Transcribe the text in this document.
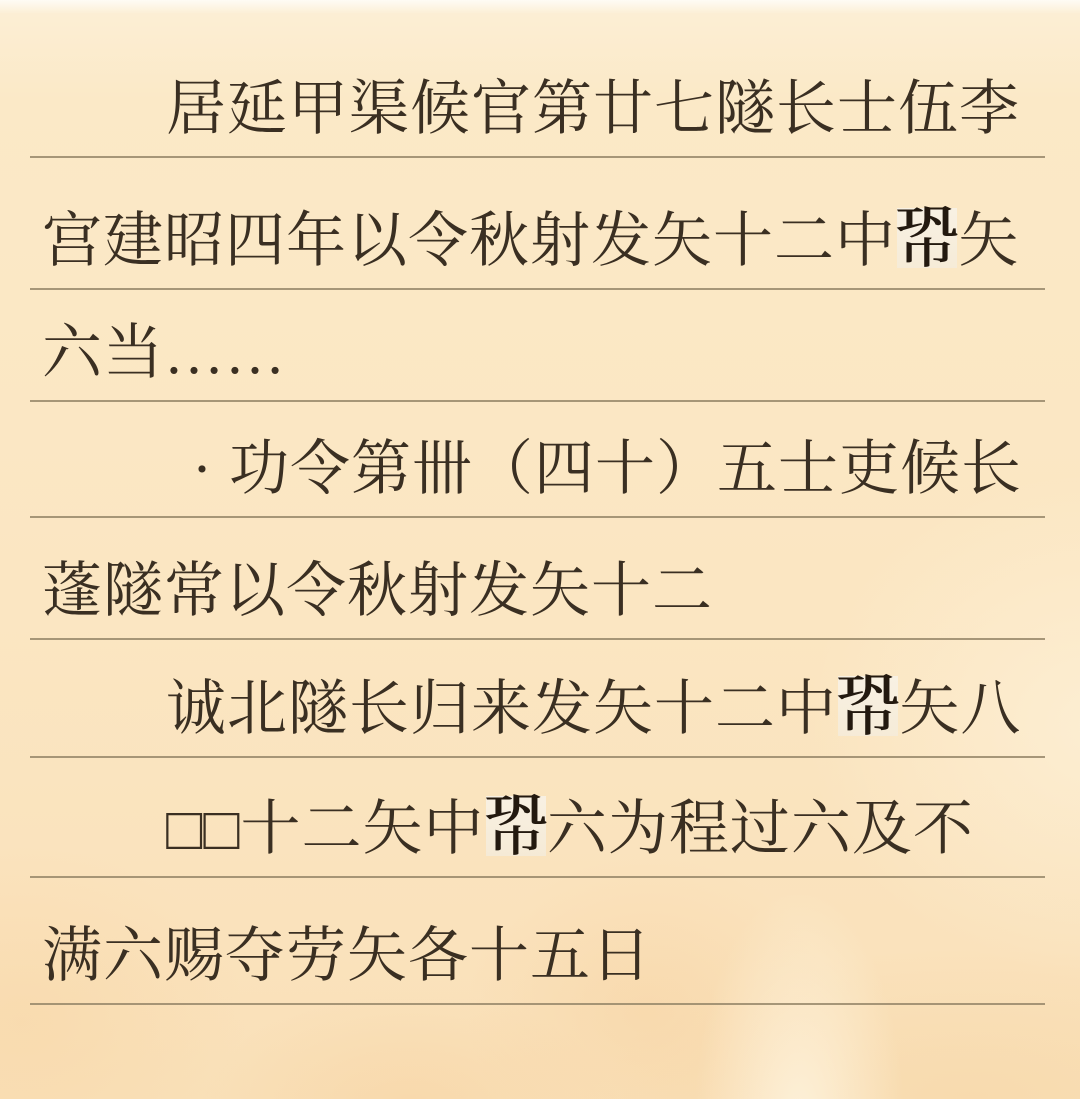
居延甲渠候官第廿七隧长士伍李
宫建昭四年以令秋射发矢十二中 巩
巾 矢
六当……
· 功令第卌（四十）五士吏候长
蓬隧常以令秋射发矢十二
诚北隧长归来发矢十二中 巩
巾 矢八
□□十二矢中 巩
巾 六为程过六及不
满六赐夺劳矢各十五日
